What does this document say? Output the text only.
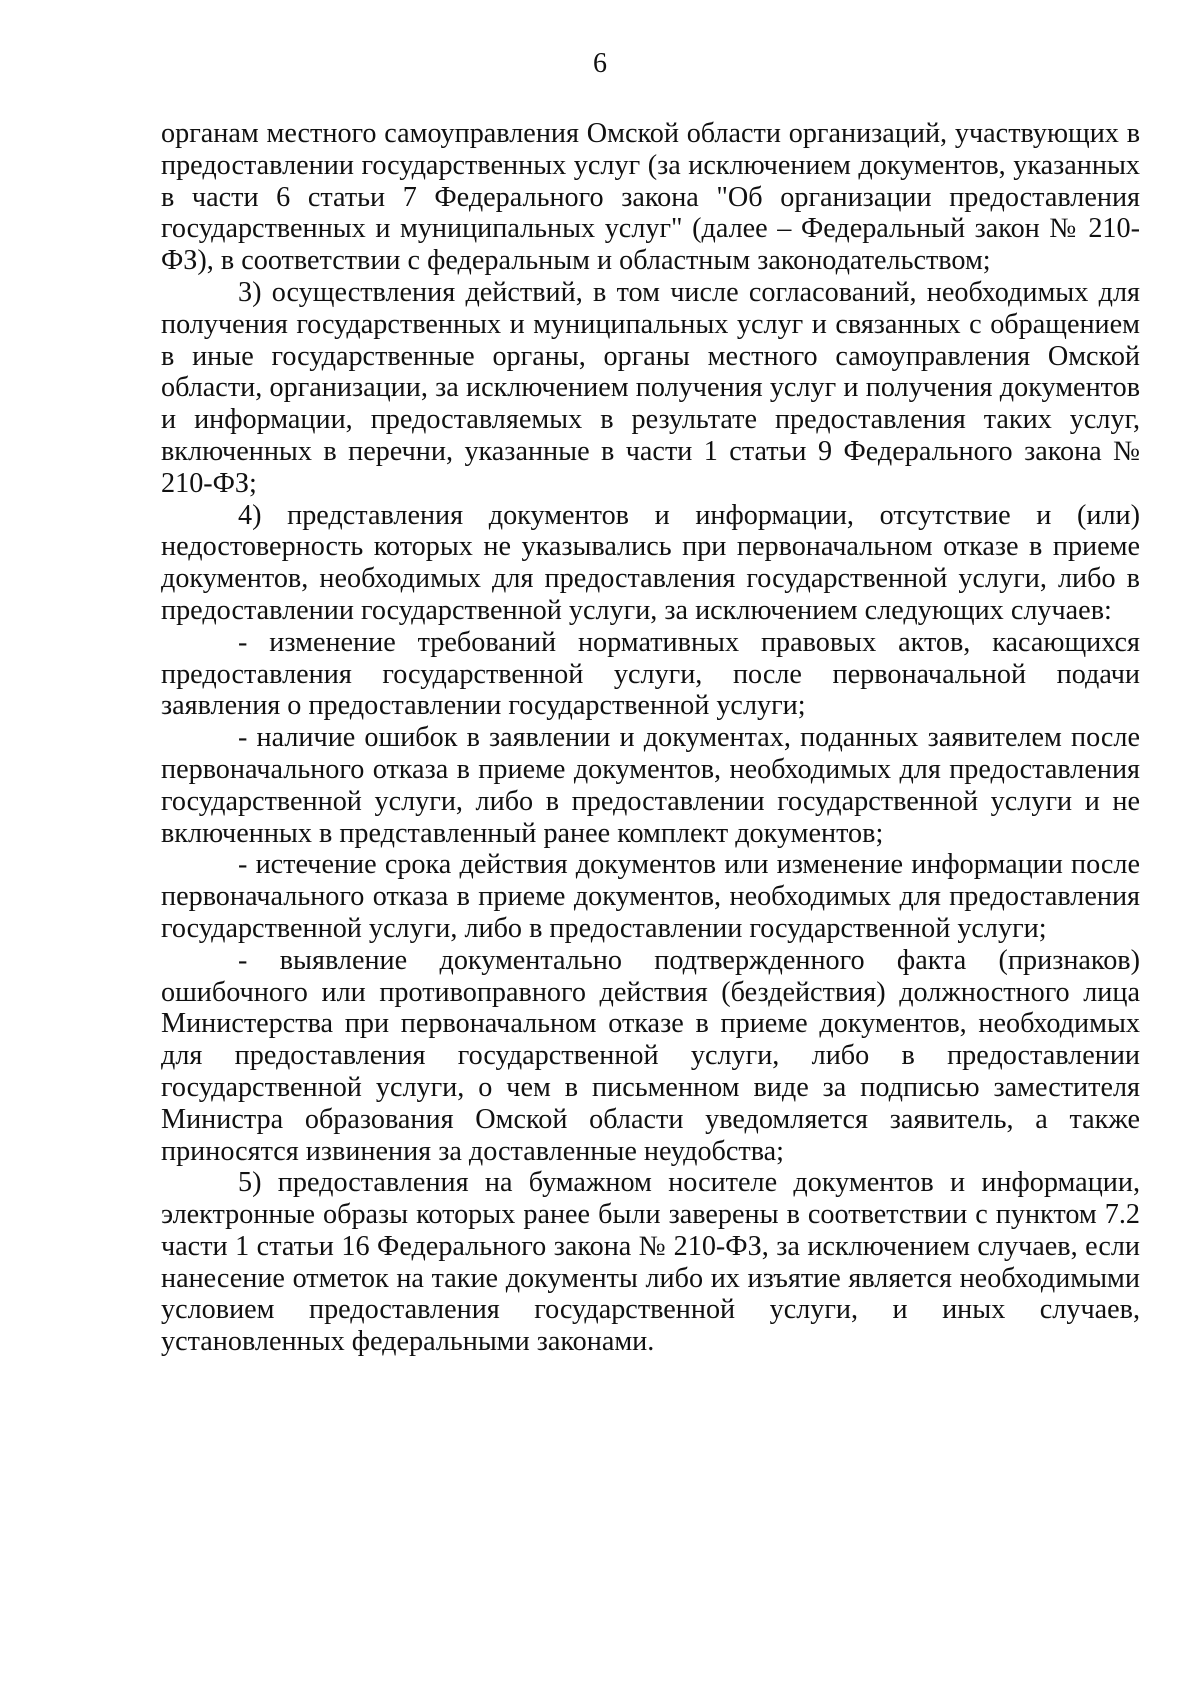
6

органам местного самоуправления Омской области организаций, участвующих в предоставлении государственных услуг (за исключением документов, указанных в части 6 статьи 7 Федерального закона "Об организации предоставления государственных и муниципальных услуг" (далее – Федеральный закон № 210-ФЗ), в соответствии с федеральным и областным законодательством;

3) осуществления действий, в том числе согласований, необходимых для получения государственных и муниципальных услуг и связанных с обращением в иные государственные органы, органы местного самоуправления Омской области, организации, за исключением получения услуг и получения документов и информации, предоставляемых в результате предоставления таких услуг, включенных в перечни, указанные в части 1 статьи 9 Федерального закона № 210-ФЗ;

4) представления документов и информации, отсутствие и (или) недостоверность которых не указывались при первоначальном отказе в приеме документов, необходимых для предоставления государственной услуги, либо в предоставлении государственной услуги, за исключением следующих случаев:

- изменение требований нормативных правовых актов, касающихся предоставления государственной услуги, после первоначальной подачи заявления о предоставлении государственной услуги;

- наличие ошибок в заявлении и документах, поданных заявителем после первоначального отказа в приеме документов, необходимых для предоставления государственной услуги, либо в предоставлении государственной услуги и не включенных в представленный ранее комплект документов;

- истечение срока действия документов или изменение информации после первоначального отказа в приеме документов, необходимых для предоставления государственной услуги, либо в предоставлении государственной услуги;

- выявление документально подтвержденного факта (признаков) ошибочного или противоправного действия (бездействия) должностного лица Министерства при первоначальном отказе в приеме документов, необходимых для предоставления государственной услуги, либо в предоставлении государственной услуги, о чем в письменном виде за подписью заместителя Министра образования Омской области уведомляется заявитель, а также приносятся извинения за доставленные неудобства;

5) предоставления на бумажном носителе документов и информации, электронные образы которых ранее были заверены в соответствии с пунктом 7.2 части 1 статьи 16 Федерального закона № 210-ФЗ, за исключением случаев, если нанесение отметок на такие документы либо их изъятие является необходимыми условием предоставления государственной услуги, и иных случаев, установленных федеральными законами.
